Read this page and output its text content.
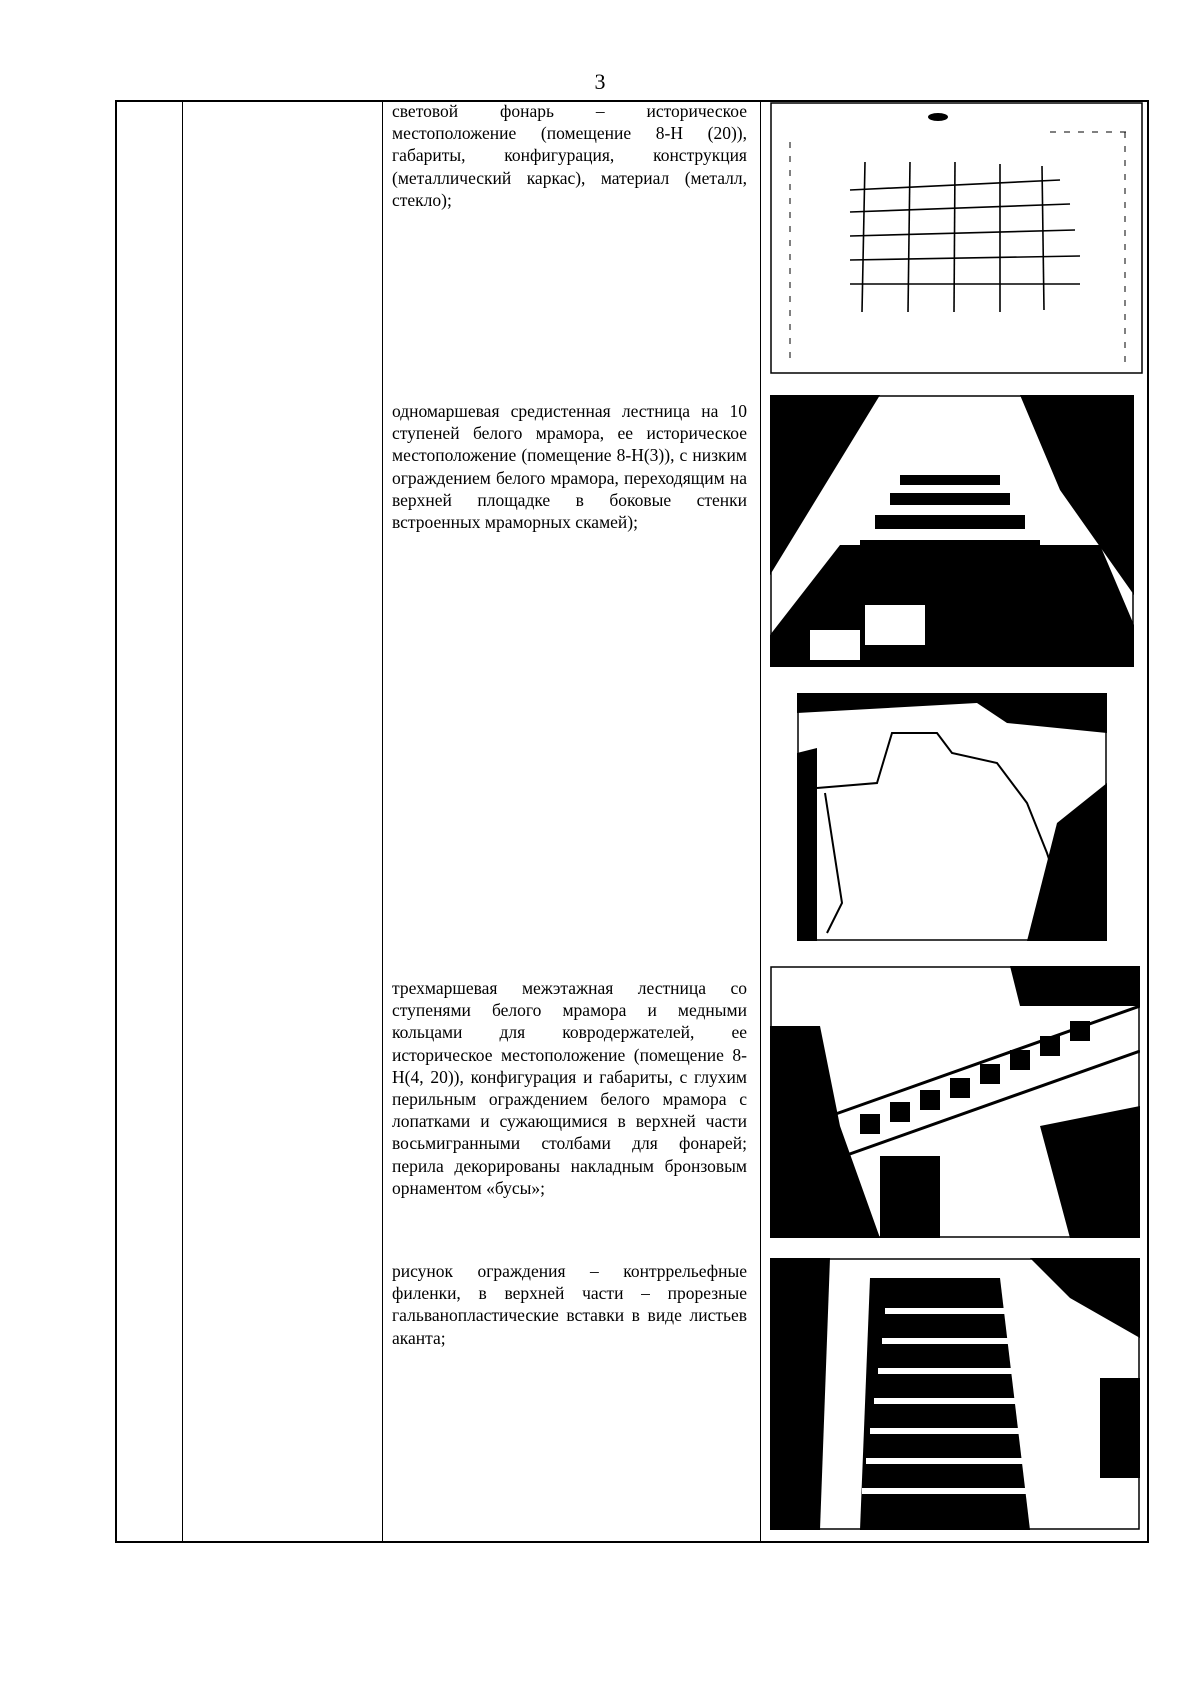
3
световой фонарь – историческое местоположение (помещение 8-Н (20)), габариты, конфигурация, конструкция (металлический каркас), материал (металл, стекло);
одномаршевая средистенная лестница на 10 ступеней белого мрамора, ее историческое местоположение (помещение 8-Н(3)), с низким ограждением белого мрамора, переходящим на верхней площадке в боковые стенки встроенных мраморных скамей);
трехмаршевая межэтажная лестница со ступенями белого мрамора и медными кольцами для ковродержателей, ее историческое местоположение (помещение 8-Н(4, 20)), конфигурация и габариты, с глухим перильным ограждением белого мрамора с лопатками и сужающимися в верхней части восьмигранными столбами для фонарей; перила декорированы накладным бронзовым орнаментом «бусы»;
рисунок ограждения – контррельефные филенки, в верхней части – прорезные гальванопластические вставки в виде листьев аканта;
